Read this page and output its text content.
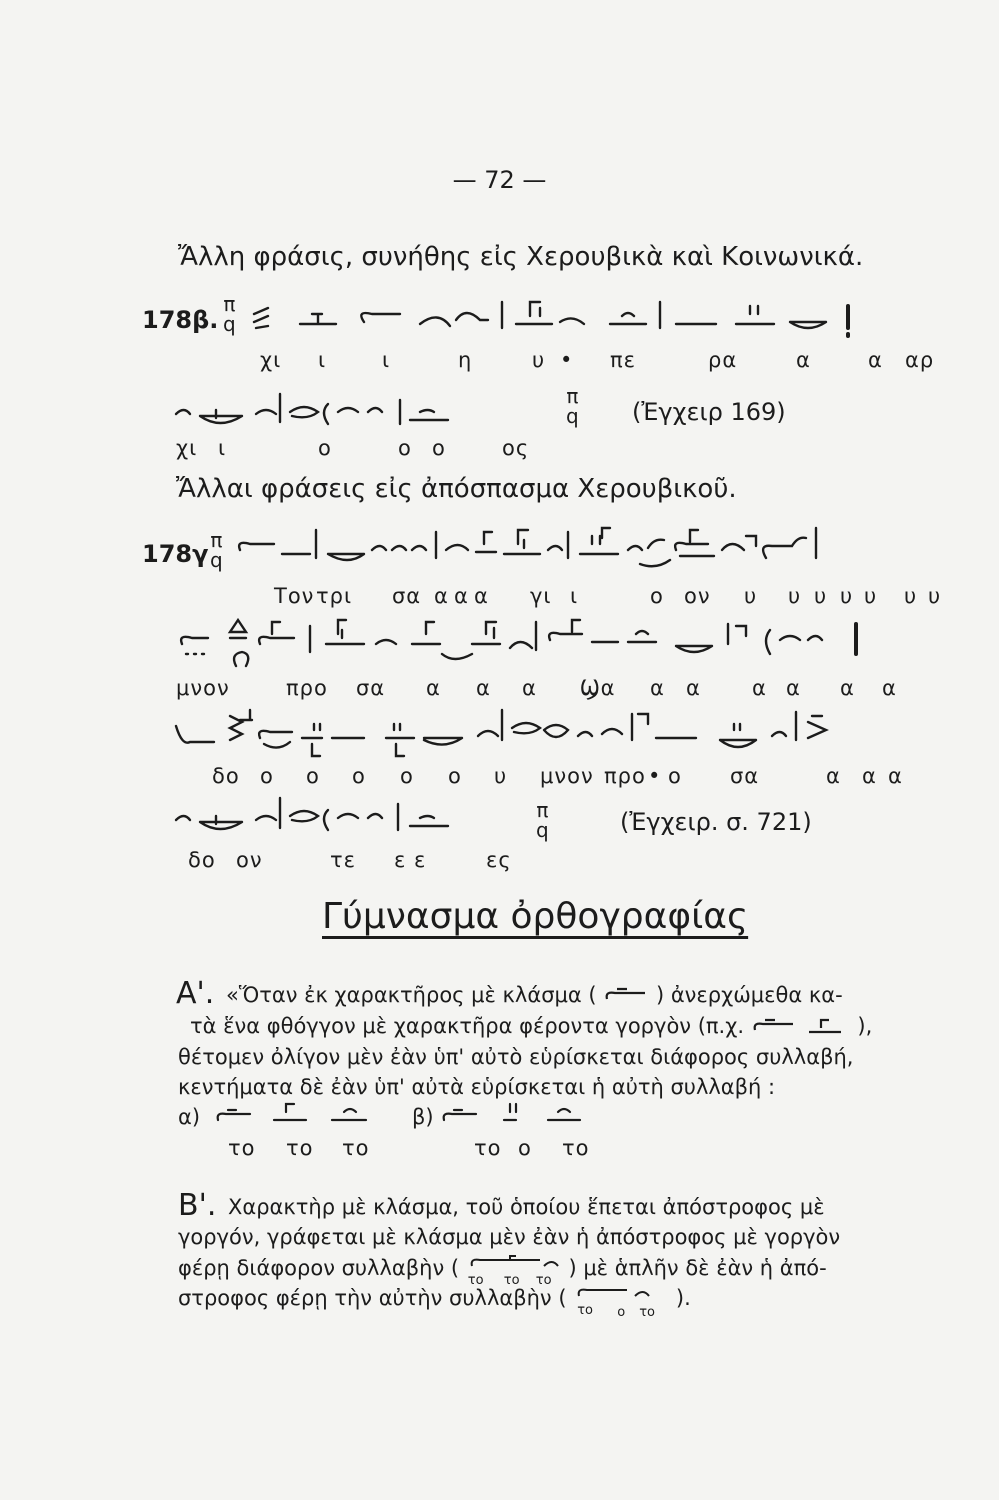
— 72 —
Ἄλλη φράσις, συνήθης εἰς Χερουβικὰ καὶ Κοινωνικά.
178β.
π
q
χι ι	ι	η	υ • πε	ρα	α	α αρ
π
q (Ἐγχειρ 169)
χι ι	ο	ο ο	ος
Ἄλλαι φράσεις εἰς ἀπόσπασμα Χερουβικοῦ.
178γ π
q
Τον τρι σα α α α γι ι	ο ον υ υ υ υ υ υ υ
μνον	προ σα α α α Ϣα α α α α α α
δο ο ο ο ο ο υ μνον προ • ο σα	α α α
π
q	(Ἐγχειρ. σ. 721)
δο ον	τε ε ε	ες
Γύμνασμα ὀρθογραφίας
Α'. «Ὅταν ἐκ χαρακτῆρος μὲ κλάσμα (	) ἀνερχώμεθα κα-
τὰ ἕνα φθόγγον μὲ χαρακτῆρα φέροντα γοργὸν (π.χ.	),
θέτομεν ὀλίγον μὲν ἐὰν ὑπ' αὐτὸ εὑρίσκεται διάφορος συλλαβή,
κεντήματα δὲ ἐὰν ὑπ' αὐτὰ εὑρίσκεται ἡ αὐτὴ συλλαβή :
α)	β)
το το το	το ο το
Β'. Χαρακτὴρ μὲ κλάσμα, τοῦ ὁποίου ἕπεται ἀπόστροφος μὲ
γοργόν, γράφεται μὲ κλάσμα μὲν ἐὰν ἡ ἀπόστροφος μὲ γοργὸν
φέρῃ διάφορον συλλαβὴν (
το το το
) μὲ ἁπλῆν δὲ ἐὰν ἡ ἀπό-
στροφος φέρῃ τὴν αὐτὴν συλλαβὴν (
το ο το
).
